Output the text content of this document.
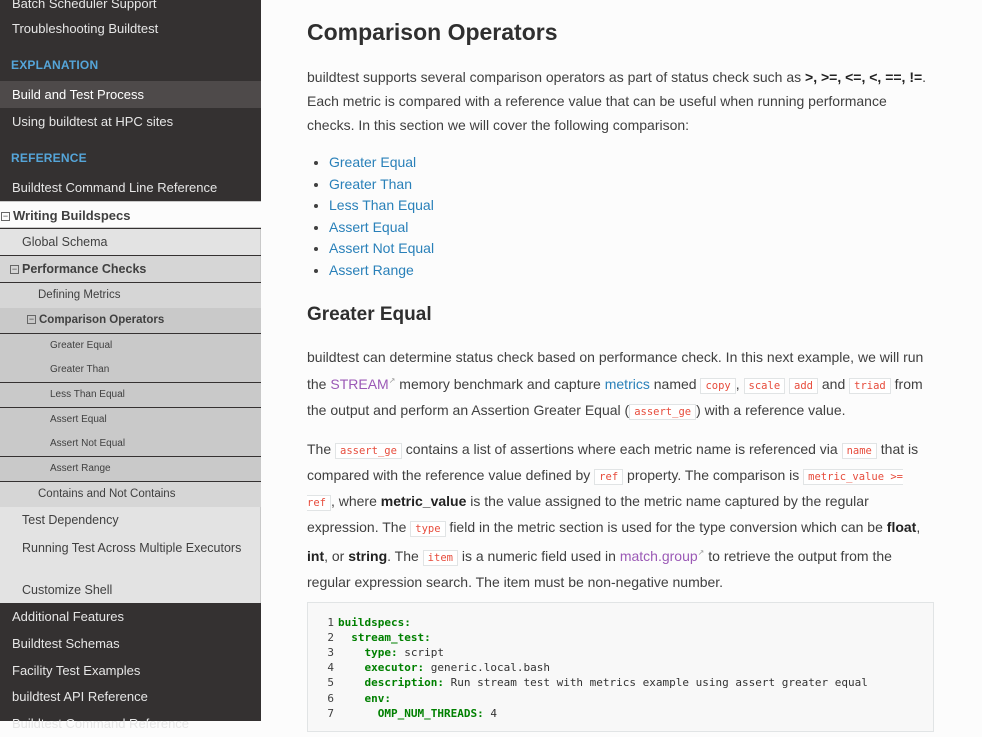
Batch Scheduler Support
Troubleshooting Buildtest
EXPLANATION
Build and Test Process
Using buildtest at HPC sites
REFERENCE
Buildtest Command Line Reference
− Writing Buildspecs
Global Schema
− Performance Checks
Defining Metrics
− Comparison Operators
Greater Equal
Greater Than
Less Than Equal
Assert Equal
Assert Not Equal
Assert Range
Contains and Not Contains
Test Dependency
Running Test Across Multiple Executors
Customize Shell
Additional Features
Buildtest Schemas
Facility Test Examples
buildtest API Reference
Buildtest Command Reference
Comparison Operators
buildtest supports several comparison operators as part of status check such as >, >=, <=, <, ==, !=. Each metric is compared with a reference value that can be useful when running performance checks. In this section we will cover the following comparison:
• Greater Equal
• Greater Than
• Less Than Equal
• Assert Equal
• Assert Not Equal
• Assert Range
Greater Equal
buildtest can determine status check based on performance check. In this next example, we will run the STREAM↗ memory benchmark and capture metrics named copy , scale add and triad from the output and perform an Assertion Greater Equal ( assert_ge ) with a reference value.
The assert_ge contains a list of assertions where each metric name is referenced via name that is compared with the reference value defined by ref property. The comparison is metric_value >= ref , where metric_value is the value assigned to the metric name captured by the regular expression. The type field in the metric section is used for the type conversion which can be float, int, or string. The item is a numeric field used in match.group↗ to retrieve the output from the regular expression search. The item must be non-negative number.
1 buildspecs:
2 stream_test:
3	type: script
4	executor: generic.local.bash
5	description: Run stream test with metrics example using assert greater equal
6	env:
7	OMP_NUM_THREADS: 4
